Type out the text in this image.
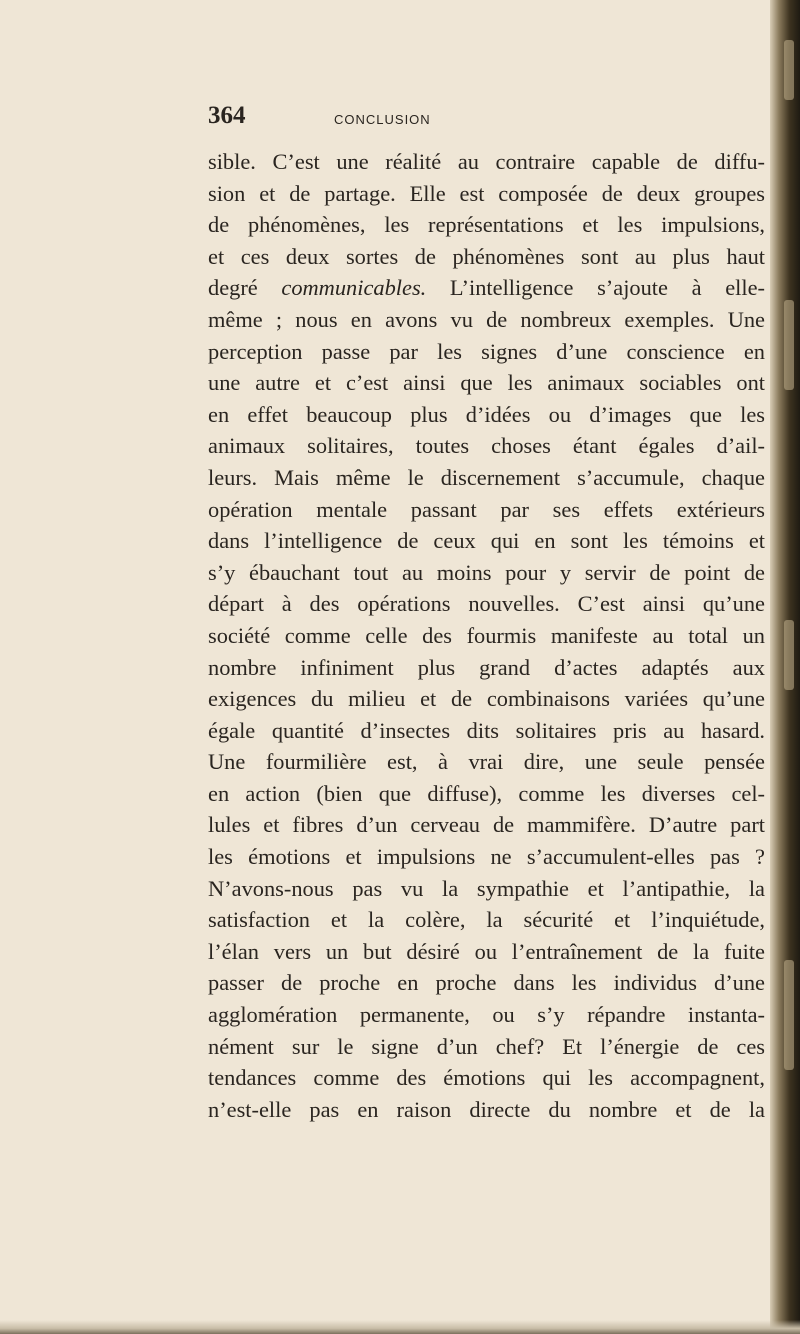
364	CONCLUSION
sible. C’est une réalité au contraire capable de diffu-
sion et de partage. Elle est composée de deux groupes
de phénomènes, les représentations et les impulsions,
et ces deux sortes de phénomènes sont au plus haut
degré communicables. L’intelligence s’ajoute à elle-
même ; nous en avons vu de nombreux exemples. Une
perception passe par les signes d’une conscience en
une autre et c’est ainsi que les animaux sociables ont
en effet beaucoup plus d’idées ou d’images que les
animaux solitaires, toutes choses étant égales d’ail-
leurs. Mais même le discernement s’accumule, chaque
opération mentale passant par ses effets extérieurs
dans l’intelligence de ceux qui en sont les témoins et
s’y ébauchant tout au moins pour y servir de point de
départ à des opérations nouvelles. C’est ainsi qu’une
société comme celle des fourmis manifeste au total un
nombre infiniment plus grand d’actes adaptés aux
exigences du milieu et de combinaisons variées qu’une
égale quantité d’insectes dits solitaires pris au hasard.
Une fourmilière est, à vrai dire, une seule pensée
en action (bien que diffuse), comme les diverses cel-
lules et fibres d’un cerveau de mammifère. D’autre part
les émotions et impulsions ne s’accumulent-elles pas ?
N’avons-nous pas vu la sympathie et l’antipathie, la
satisfaction et la colère, la sécurité et l’inquiétude,
l’élan vers un but désiré ou l’entraînement de la fuite
passer de proche en proche dans les individus d’une
agglomération permanente, ou s’y répandre instanta-
nément sur le signe d’un chef? Et l’énergie de ces
tendances comme des émotions qui les accompagnent,
n’est-elle pas en raison directe du nombre et de la
